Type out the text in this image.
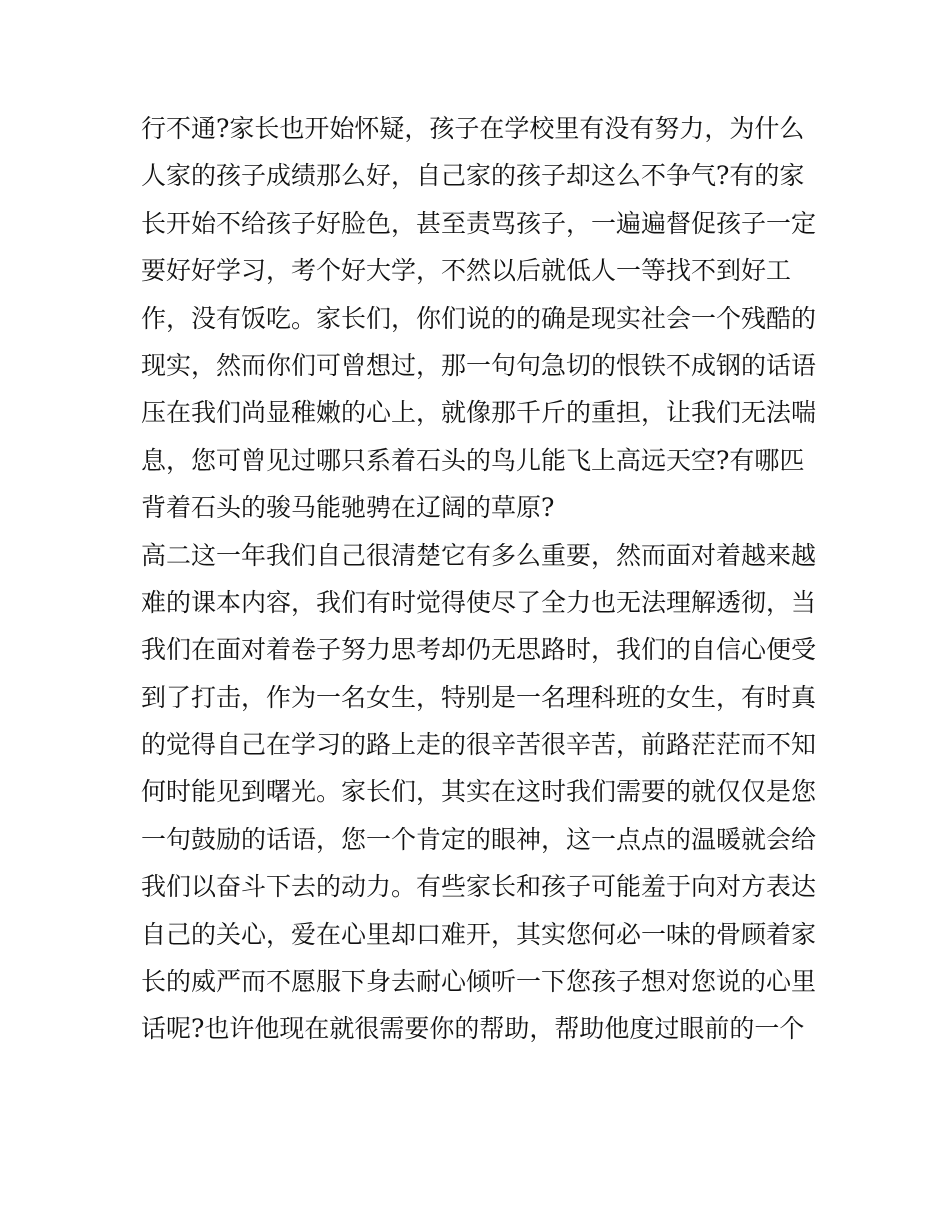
行不通?家长也开始怀疑，孩子在学校里有没有努力，为什么
人家的孩子成绩那么好，自己家的孩子却这么不争气?有的家
长开始不给孩子好脸色，甚至责骂孩子，一遍遍督促孩子一定
要好好学习，考个好大学，不然以后就低人一等找不到好工
作，没有饭吃。家长们，你们说的的确是现实社会一个残酷的
现实，然而你们可曾想过，那一句句急切的恨铁不成钢的话语
压在我们尚显稚嫩的心上，就像那千斤的重担，让我们无法喘
息，您可曾见过哪只系着石头的鸟儿能飞上高远天空?有哪匹
背着石头的骏马能驰骋在辽阔的草原?
高二这一年我们自己很清楚它有多么重要，然而面对着越来越
难的课本内容，我们有时觉得使尽了全力也无法理解透彻，当
我们在面对着卷子努力思考却仍无思路时，我们的自信心便受
到了打击，作为一名女生，特别是一名理科班的女生，有时真
的觉得自己在学习的路上走的很辛苦很辛苦，前路茫茫而不知
何时能见到曙光。家长们，其实在这时我们需要的就仅仅是您
一句鼓励的话语，您一个肯定的眼神，这一点点的温暖就会给
我们以奋斗下去的动力。有些家长和孩子可能羞于向对方表达
自己的关心，爱在心里却口难开，其实您何必一味的骨顾着家
长的威严而不愿服下身去耐心倾听一下您孩子想对您说的心里
话呢?也许他现在就很需要你的帮助，帮助他度过眼前的一个
